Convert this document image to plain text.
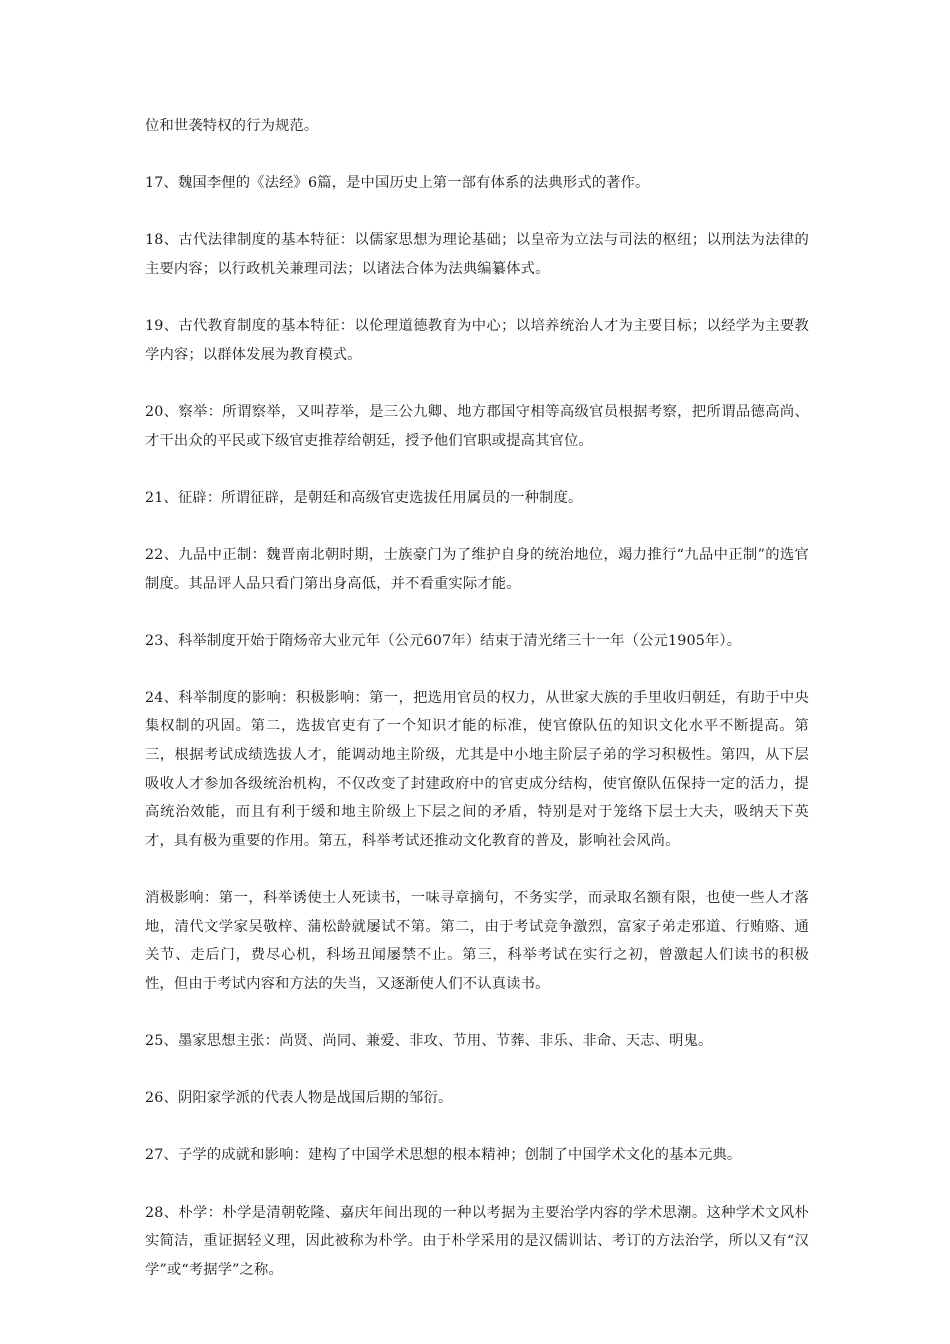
位和世袭特权的行为规范。

17、魏国李俚的《法经》6篇，是中国历史上第一部有体系的法典形式的著作。

18、古代法律制度的基本特征：以儒家思想为理论基础；以皇帝为立法与司法的枢纽；以刑法为法律的主要内容；以行政机关兼理司法；以诸法合体为法典编纂体式。

19、古代教育制度的基本特征：以伦理道德教育为中心；以培养统治人才为主要目标；以经学为主要教学内容；以群体发展为教育模式。

20、察举：所谓察举，又叫荐举，是三公九卿、地方郡国守相等高级官员根据考察，把所谓品德高尚、才干出众的平民或下级官吏推荐给朝廷，授予他们官职或提高其官位。

21、征辟：所谓征辟，是朝廷和高级官吏选拔任用属员的一种制度。

22、九品中正制：魏晋南北朝时期，士族豪门为了维护自身的统治地位，竭力推行“九品中正制”的选官制度。其品评人品只看门第出身高低，并不看重实际才能。

23、科举制度开始于隋炀帝大业元年（公元607年）结束于清光绪三十一年（公元1905年）。

24、科举制度的影响：积极影响：第一，把选用官员的权力，从世家大族的手里收归朝廷，有助于中央集权制的巩固。第二，选拔官吏有了一个知识才能的标准，使官僚队伍的知识文化水平不断提高。第三，根据考试成绩选拔人才，能调动地主阶级，尤其是中小地主阶层子弟的学习积极性。第四，从下层吸收人才参加各级统治机构，不仅改变了封建政府中的官吏成分结构，使官僚队伍保持一定的活力，提高统治效能，而且有利于缓和地主阶级上下层之间的矛盾，特别是对于笼络下层士大夫，吸纳天下英才，具有极为重要的作用。第五，科举考试还推动文化教育的普及，影响社会风尚。

消极影响：第一，科举诱使士人死读书，一味寻章摘句，不务实学，而录取名额有限，也使一些人才落地，清代文学家吴敬梓、蒲松龄就屡试不第。第二，由于考试竞争激烈，富家子弟走邪道、行贿赂、通关节、走后门，费尽心机，科场丑闻屡禁不止。第三，科举考试在实行之初，曾激起人们读书的积极性，但由于考试内容和方法的失当，又逐渐使人们不认真读书。

25、墨家思想主张：尚贤、尚同、兼爱、非攻、节用、节葬、非乐、非命、天志、明鬼。

26、阴阳家学派的代表人物是战国后期的邹衍。

27、子学的成就和影响：建构了中国学术思想的根本精神；创制了中国学术文化的基本元典。

28、朴学：朴学是清朝乾隆、嘉庆年间出现的一种以考据为主要治学内容的学术思潮。这种学术文风朴实简洁，重证据轻义理，因此被称为朴学。由于朴学采用的是汉儒训诂、考订的方法治学，所以又有“汉学”或“考据学”之称。
